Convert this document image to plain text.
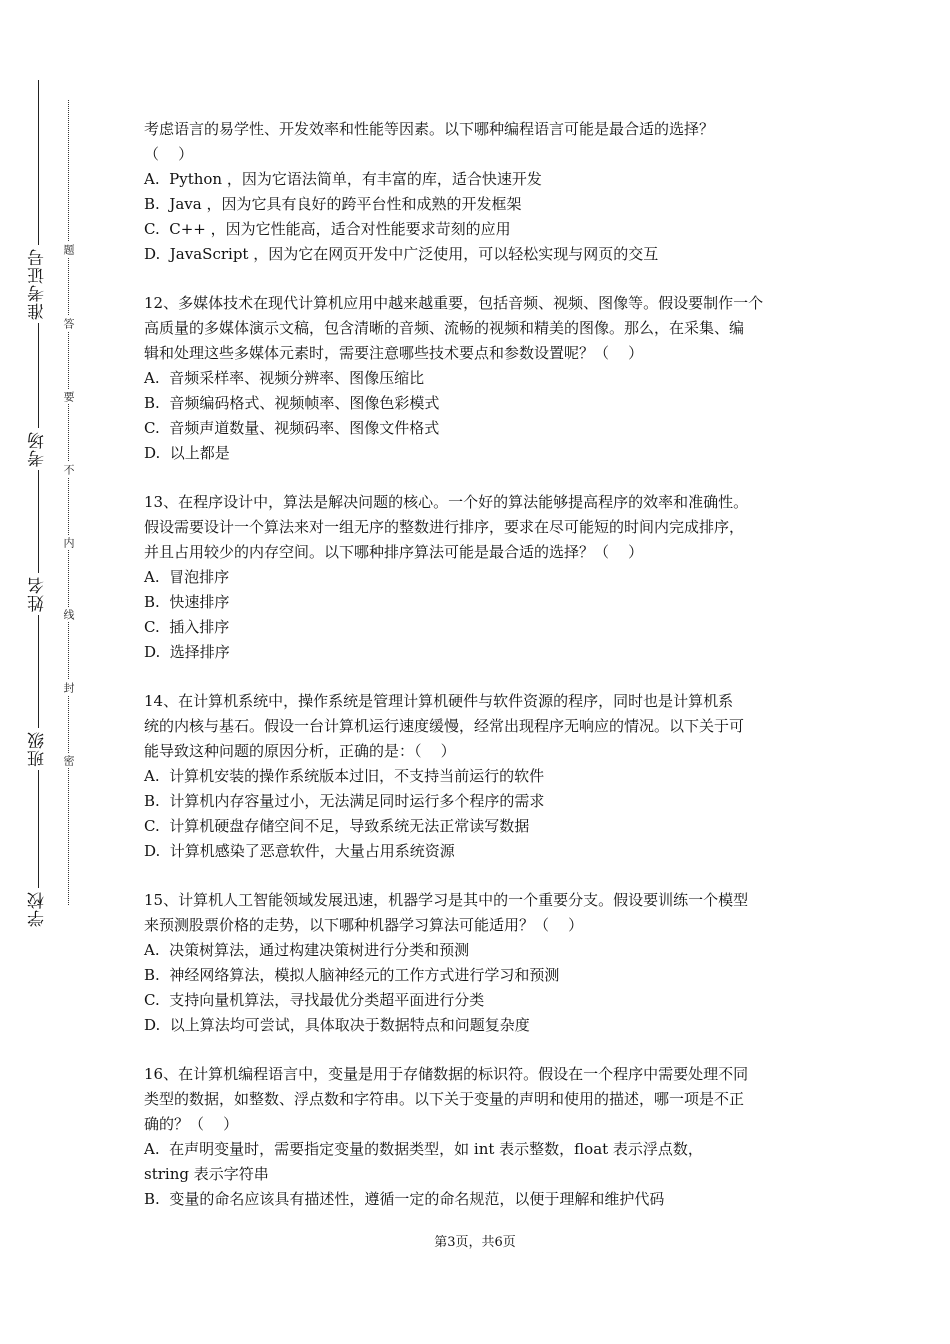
准考证号
考场
姓名
班级
学校
题
答
要
不
内
线
封
密
考虑语言的易学性、开发效率和性能等因素。以下哪种编程语言可能是最合适的选择？
（    ）
A.  Python ，因为它语法简单，有丰富的库，适合快速开发
B.  Java ，因为它具有良好的跨平台性和成熟的开发框架
C.  C++ ，因为它性能高，适合对性能要求苛刻的应用
D.  JavaScript ，因为它在网页开发中广泛使用，可以轻松实现与网页的交互
12、多媒体技术在现代计算机应用中越来越重要，包括音频、视频、图像等。假设要制作一个
高质量的多媒体演示文稿，包含清晰的音频、流畅的视频和精美的图像。那么，在采集、编
辑和处理这些多媒体元素时，需要注意哪些技术要点和参数设置呢？（    ）
A.  音频采样率、视频分辨率、图像压缩比
B.  音频编码格式、视频帧率、图像色彩模式
C.  音频声道数量、视频码率、图像文件格式
D.  以上都是
13、在程序设计中，算法是解决问题的核心。一个好的算法能够提高程序的效率和准确性。
假设需要设计一个算法来对一组无序的整数进行排序，要求在尽可能短的时间内完成排序，
并且占用较少的内存空间。以下哪种排序算法可能是最合适的选择？（    ）
A.  冒泡排序
B.  快速排序
C.  插入排序
D.  选择排序
14、在计算机系统中，操作系统是管理计算机硬件与软件资源的程序，同时也是计算机系
统的内核与基石。假设一台计算机运行速度缓慢，经常出现程序无响应的情况。以下关于可
能导致这种问题的原因分析，正确的是：（    ）
A.  计算机安装的操作系统版本过旧，不支持当前运行的软件
B.  计算机内存容量过小，无法满足同时运行多个程序的需求
C.  计算机硬盘存储空间不足，导致系统无法正常读写数据
D.  计算机感染了恶意软件，大量占用系统资源
15、计算机人工智能领域发展迅速，机器学习是其中的一个重要分支。假设要训练一个模型
来预测股票价格的走势，以下哪种机器学习算法可能适用？（    ）
A.  决策树算法，通过构建决策树进行分类和预测
B.  神经网络算法，模拟人脑神经元的工作方式进行学习和预测
C.  支持向量机算法，寻找最优分类超平面进行分类
D.  以上算法均可尝试，具体取决于数据特点和问题复杂度
16、在计算机编程语言中，变量是用于存储数据的标识符。假设在一个程序中需要处理不同
类型的数据，如整数、浮点数和字符串。以下关于变量的声明和使用的描述，哪一项是不正
确的？（    ）
A.  在声明变量时，需要指定变量的数据类型，如 int 表示整数，float 表示浮点数，
string 表示字符串
B.  变量的命名应该具有描述性，遵循一定的命名规范，以便于理解和维护代码
第3页，共6页
